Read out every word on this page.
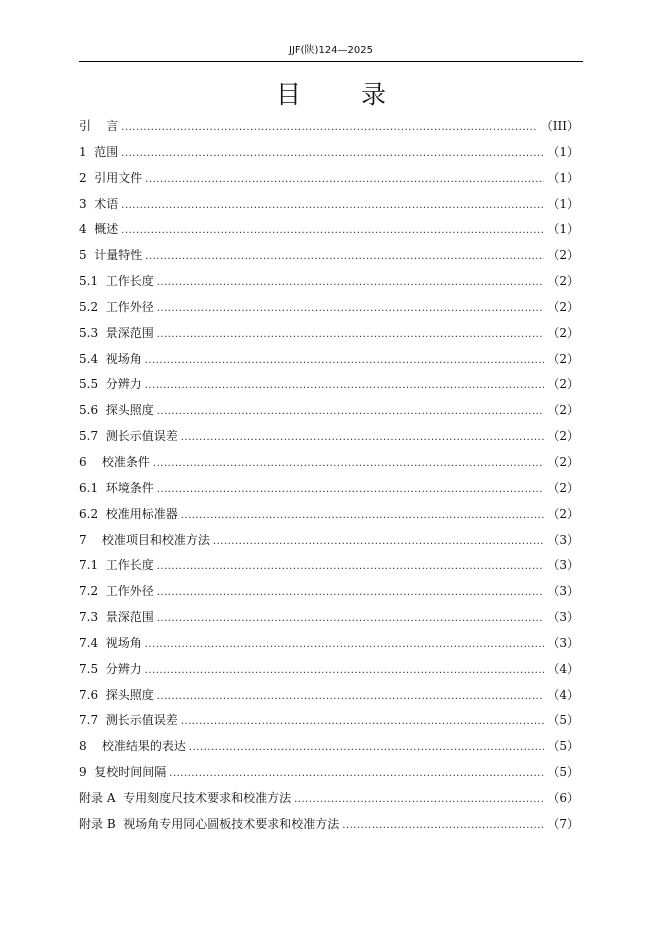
JJF(陕)124—2025
目 录
引    言 .....	（III）
1  范围 .....	（1）
2  引用文件 .....	（1）
3  术语 .....	（1）
4  概述 .....	（1）
5  计量特性 .....	（2）
5.1  工作长度 .....	（2）
5.2  工作外径 .....	（2）
5.3  景深范围 .....	（2）
5.4  视场角 .....	（2）
5.5  分辨力 .....	（2）
5.6  探头照度 .....	（2）
5.7  测长示值误差 .....	（2）
6    校准条件 .....	（2）
6.1  环境条件 .....	（2）
6.2  校准用标准器 .....	（2）
7    校准项目和校准方法 .....	（3）
7.1  工作长度 .....	（3）
7.2  工作外径 .....	（3）
7.3  景深范围 .....	（3）
7.4  视场角 .....	（3）
7.5  分辨力 .....	（4）
7.6  探头照度 .....	（4）
7.7  测长示值误差 .....	（5）
8    校准结果的表达 .....	（5）
9  复校时间间隔 .....	（5）
附录 A  专用刻度尺技术要求和校准方法 .....	（6）
附录 B  视场角专用同心圆板技术要求和校准方法 .....	（7）
